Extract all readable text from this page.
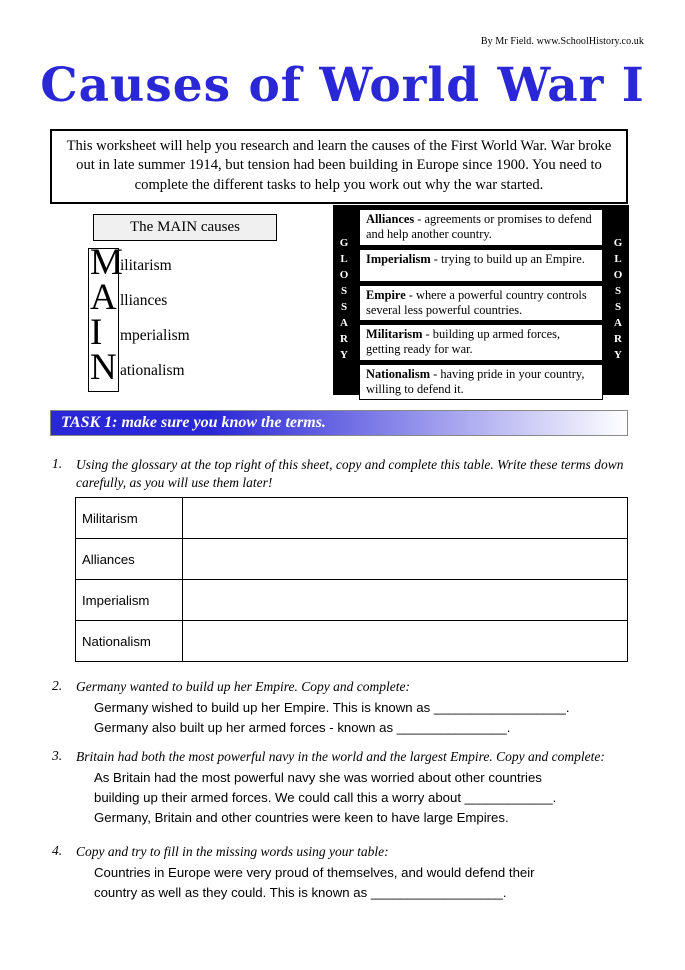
By Mr Field. www.SchoolHistory.co.uk
Causes of World War I
This worksheet will help you research and learn the causes of the First World War. War broke out in late summer 1914, but tension had been building in Europe since 1900. You need to complete the different tasks to help you work out why the war started.
The MAIN causes
M
ilitarism
A lliances
I	mperialism
N ationalism
G
L
O
S
S
A
R
Y
G
L
O
S
S
A
R
Y
Alliances - agreements or promises to defend and help another country.
Imperialism - trying to build up an Empire.
Empire - where a powerful country controls several less powerful countries.
Militarism - building up armed forces, getting ready for war.
Nationalism - having pride in your country, willing to defend it.
TASK 1: make sure you know the terms.
1.	Using the glossary at the top right of this sheet, copy and complete this table. Write these terms down carefully, as you will use them later!
Militarism	
Alliances	
Imperialism	
Nationalism	
2.	Germany wanted to build up her Empire. Copy and complete:
Germany wished to build up her Empire. This is known as __________________.
Germany also built up her armed forces - known as _______________.
3.	Britain had both the most powerful navy in the world and the largest Empire. Copy and complete:
As Britain had the most powerful navy she was worried about other countries
building up their armed forces. We could call this a worry about ____________.
Germany, Britain and other countries were keen to have large Empires.
4.	Copy and try to fill in the missing words using your table:
Countries in Europe were very proud of themselves, and would defend their
country as well as they could. This is known as __________________.
